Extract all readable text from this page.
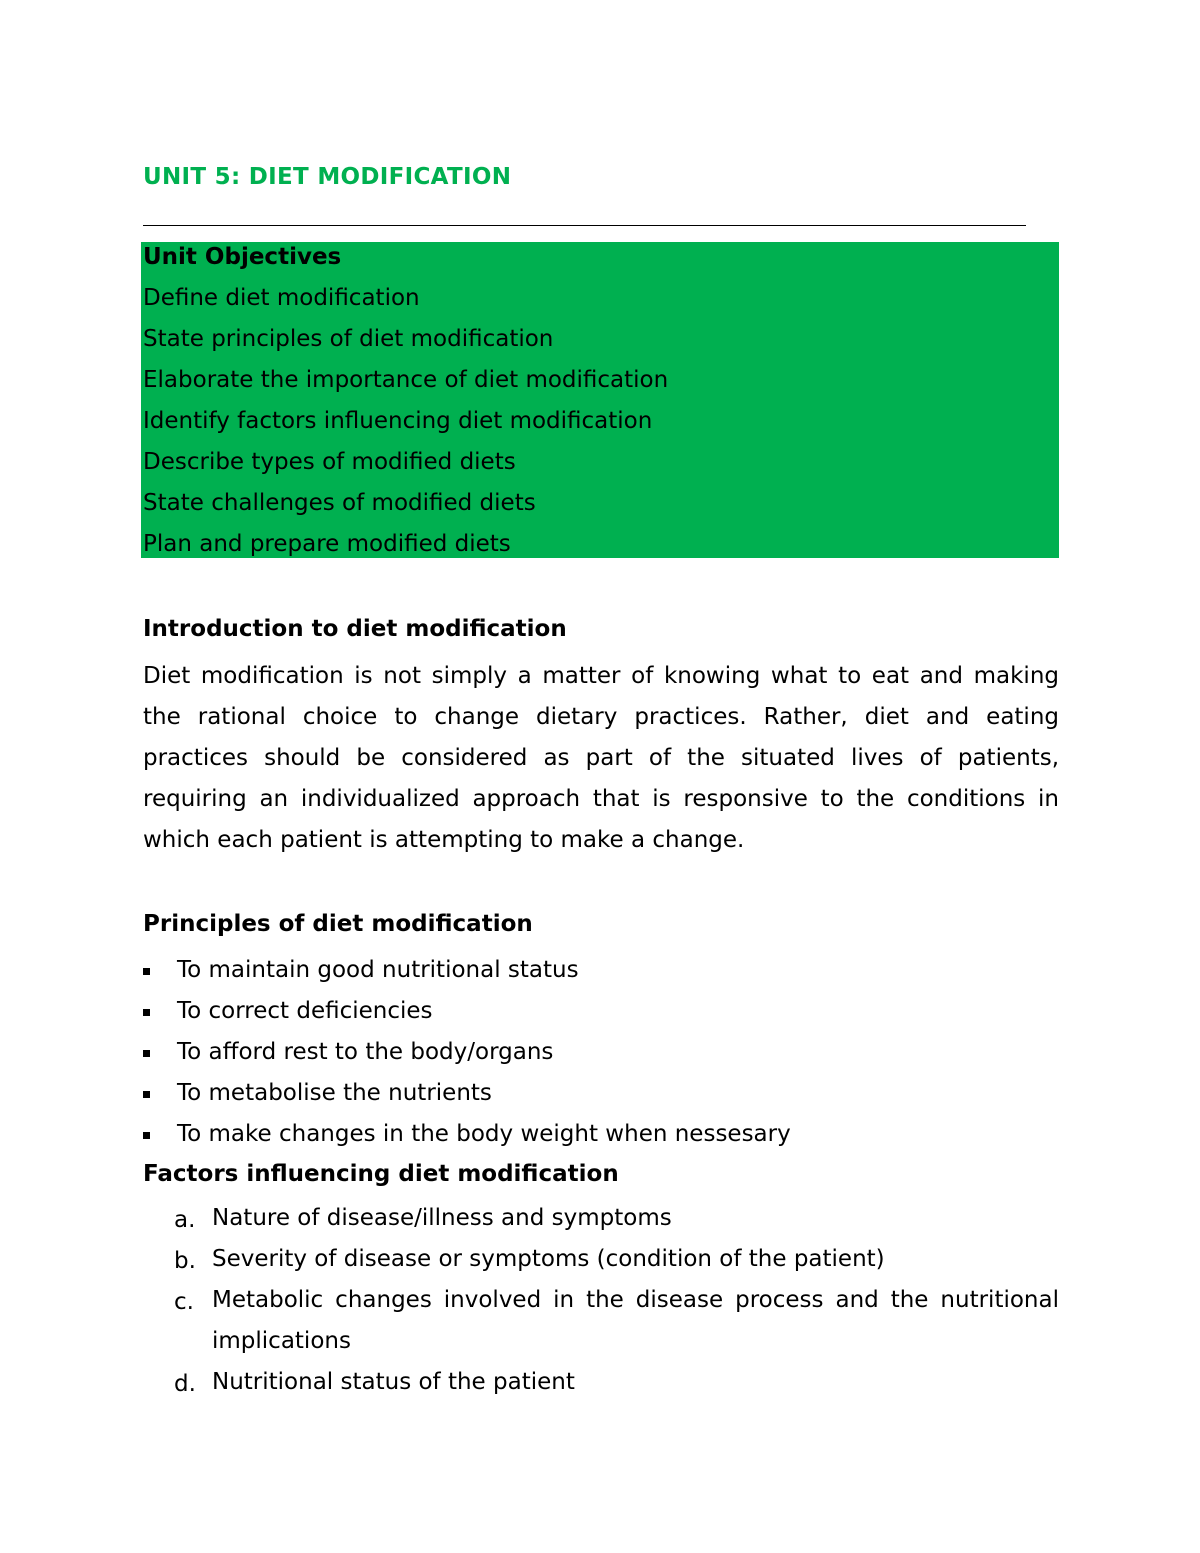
UNIT 5: DIET MODIFICATION
Unit Objectives
Define diet modification
State principles of diet modification
Elaborate the importance of diet modification
Identify factors influencing diet modification
Describe types of modified diets
State challenges of modified diets
Plan and prepare modified diets
Introduction to diet modification
Diet modification is not simply a matter of knowing what to eat and making
the rational choice to change dietary practices. Rather, diet and eating
practices should be considered as part of the situated lives of patients,
requiring an individualized approach that is responsive to the conditions in
which each patient is attempting to make a change.
Principles of diet modification
To maintain good nutritional status
To correct deficiencies
To afford rest to the body/organs
To metabolise the nutrients
To make changes in the body weight when nessesary
Factors influencing diet modification
a. Nature of disease/illness and symptoms
b. Severity of disease or symptoms (condition of the patient)
c. Metabolic changes involved in the disease process and the nutritional
implications
d. Nutritional status of the patient
